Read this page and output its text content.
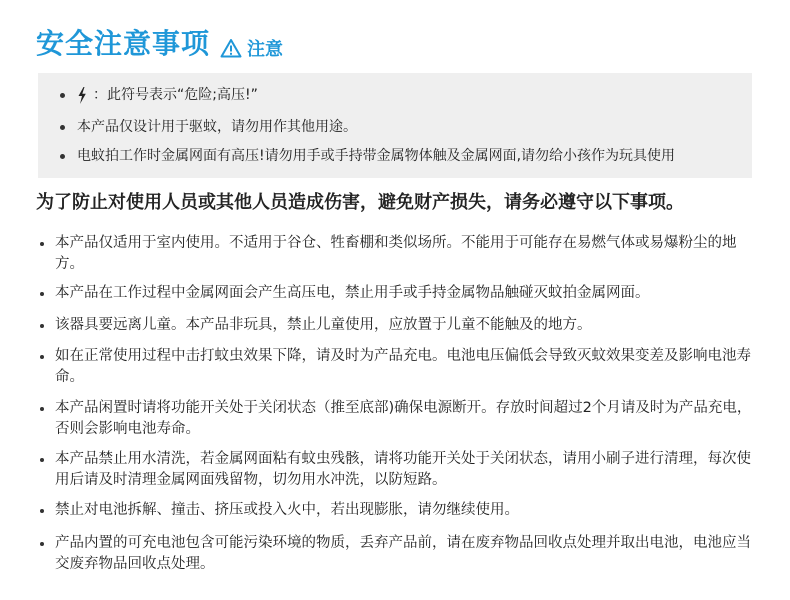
安全注意事项 注意
：此符号表示“危险;高压!”
本产品仅设计用于驱蚊，请勿用作其他用途。
电蚊拍工作时金属网面有高压!请勿用手或手持带金属物体触及金属网面,请勿给小孩作为玩具使用
为了防止对使用人员或其他人员造成伤害，避免财产损失，请务必遵守以下事项。
本产品仅适用于室内使用。不适用于谷仓、牲畜棚和类似场所。不能用于可能存在易燃气体或易爆粉尘的地方。
本产品在工作过程中金属网面会产生高压电，禁止用手或手持金属物品触碰灭蚊拍金属网面。
该器具要远离儿童。本产品非玩具，禁止儿童使用，应放置于儿童不能触及的地方。
如在正常使用过程中击打蚊虫效果下降，请及时为产品充电。电池电压偏低会导致灭蚊效果变差及影响电池寿命。
本产品闲置时请将功能开关处于关闭状态（推至底部)确保电源断开。存放时间超过2个月请及时为产品充电，否则会影响电池寿命。
本产品禁止用水清洗，若金属网面粘有蚊虫残骸，请将功能开关处于关闭状态，请用小刷子进行清理，每次使用后请及时清理金属网面残留物，切勿用水冲洗，以防短路。
禁止对电池拆解、撞击、挤压或投入火中，若出现膨胀，请勿继续使用。
产品内置的可充电池包含可能污染环境的物质，丢弃产品前，请在废弃物品回收点处理并取出电池，电池应当交废弃物品回收点处理。
